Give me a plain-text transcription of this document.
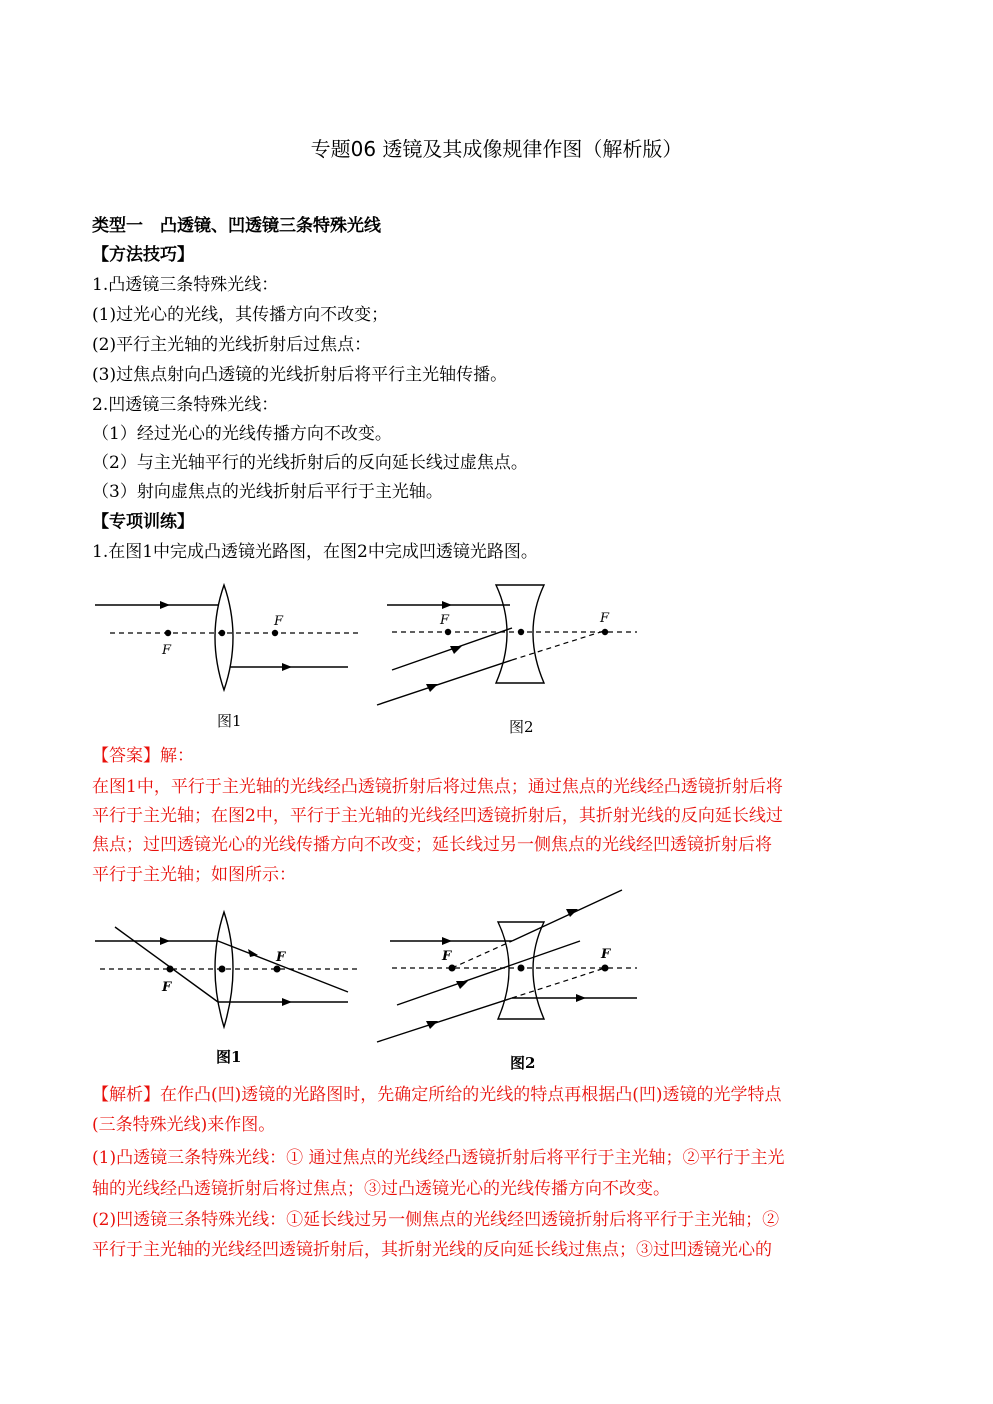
专题06 透镜及其成像规律作图（解析版）
类型一　凸透镜、凹透镜三条特殊光线
【方法技巧】
1.凸透镜三条特殊光线：
(1)过光心的光线，其传播方向不改变；
(2)平行主光轴的光线折射后过焦点：
(3)过焦点射向凸透镜的光线折射后将平行主光轴传播。
2.凹透镜三条特殊光线：
（1）经过光心的光线传播方向不改变。
（2）与主光轴平行的光线折射后的反向延长线过虚焦点。
（3）射向虚焦点的光线折射后平行于主光轴。
【专项训练】
1.在图1中完成凸透镜光路图，在图2中完成凹透镜光路图。
F
F
图1
F	F
图2
【答案】解：
在图1中，平行于主光轴的光线经凸透镜折射后将过焦点；通过焦点的光线经凸透镜折射后将
平行于主光轴；在图2中，平行于主光轴的光线经凹透镜折射后，其折射光线的反向延长线过
焦点；过凹透镜光心的光线传播方向不改变；延长线过另一侧焦点的光线经凹透镜折射后将
平行于主光轴；如图所示：
F
F
图1
F	F
图2
【解析】在作凸(凹)透镜的光路图时，先确定所给的光线的特点再根据凸(凹)透镜的光学特点
(三条特殊光线)来作图。
(1)凸透镜三条特殊光线：① 通过焦点的光线经凸透镜折射后将平行于主光轴；②平行于主光
轴的光线经凸透镜折射后将过焦点；③过凸透镜光心的光线传播方向不改变。
(2)凹透镜三条特殊光线：①延长线过另一侧焦点的光线经凹透镜折射后将平行于主光轴；②
平行于主光轴的光线经凹透镜折射后，其折射光线的反向延长线过焦点；③过凹透镜光心的
